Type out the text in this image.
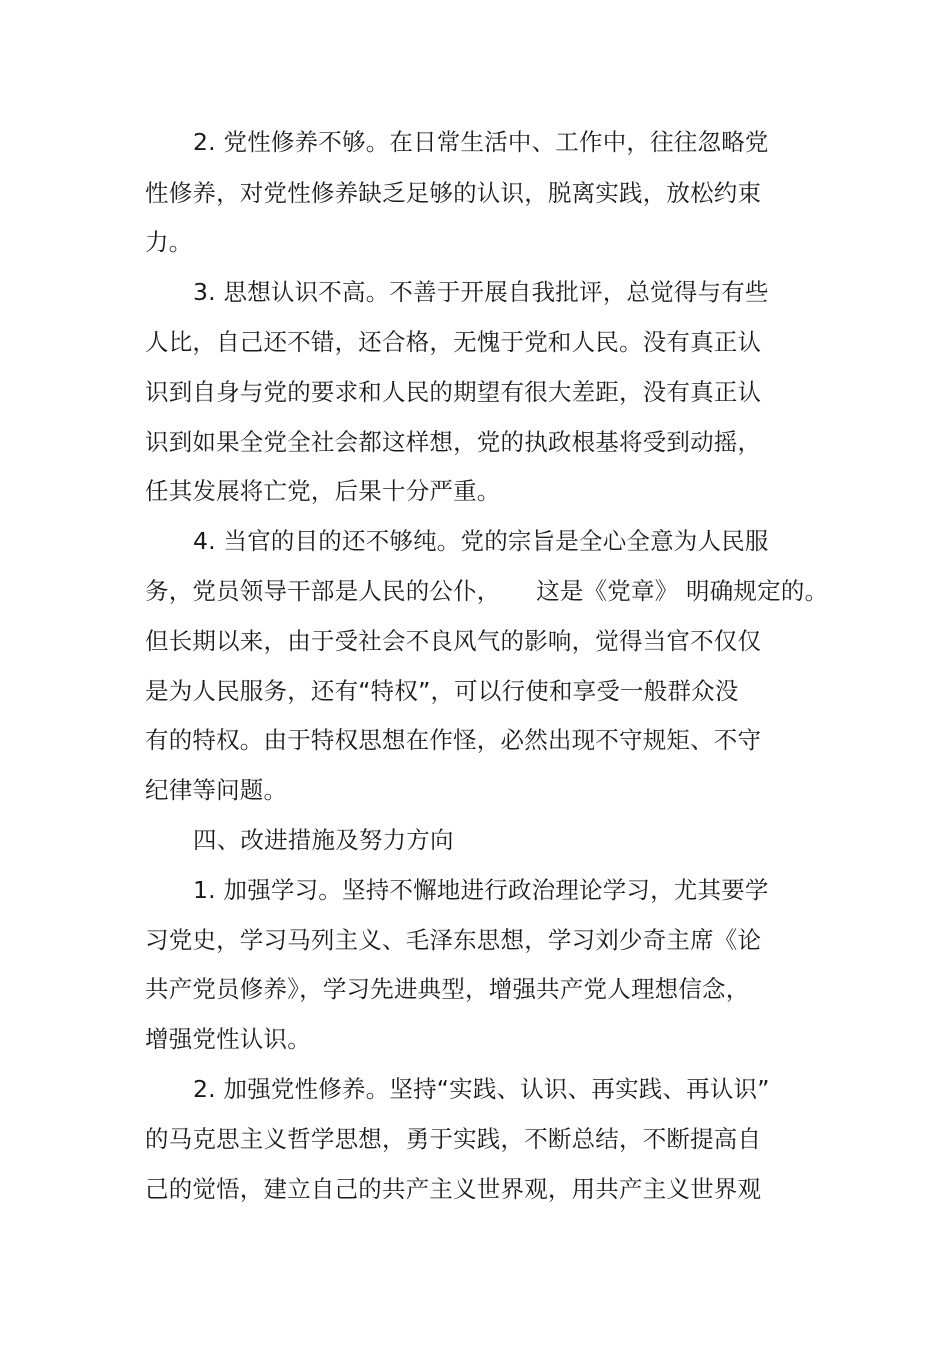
2. 党性修养不够。在日常生活中、工作中，往往忽略党
性修养，对党性修养缺乏足够的认识，脱离实践，放松约束
力。
3. 思想认识不高。不善于开展自我批评，总觉得与有些
人比，自己还不错，还合格，无愧于党和人民。没有真正认
识到自身与党的要求和人民的期望有很大差距，没有真正认
识到如果全党全社会都这样想，党的执政根基将受到动摇，
任其发展将亡党，后果十分严重。
4. 当官的目的还不够纯。党的宗旨是全心全意为人民服
务，党员领导干部是人民的公仆，　　这是《党章》 明确规定的。
但长期以来，由于受社会不良风气的影响，觉得当官不仅仅
是为人民服务，还有“特权”，可以行使和享受一般群众没
有的特权。由于特权思想在作怪，必然出现不守规矩、不守
纪律等问题。
四、改进措施及努力方向
1. 加强学习。坚持不懈地进行政治理论学习，尤其要学
习党史，学习马列主义、毛泽东思想，学习刘少奇主席《论
共产党员修养》，学习先进典型，增强共产党人理想信念，
增强党性认识。
2. 加强党性修养。坚持“实践、认识、再实践、再认识”
的马克思主义哲学思想，勇于实践，不断总结，不断提高自
己的觉悟，建立自己的共产主义世界观，用共产主义世界观
